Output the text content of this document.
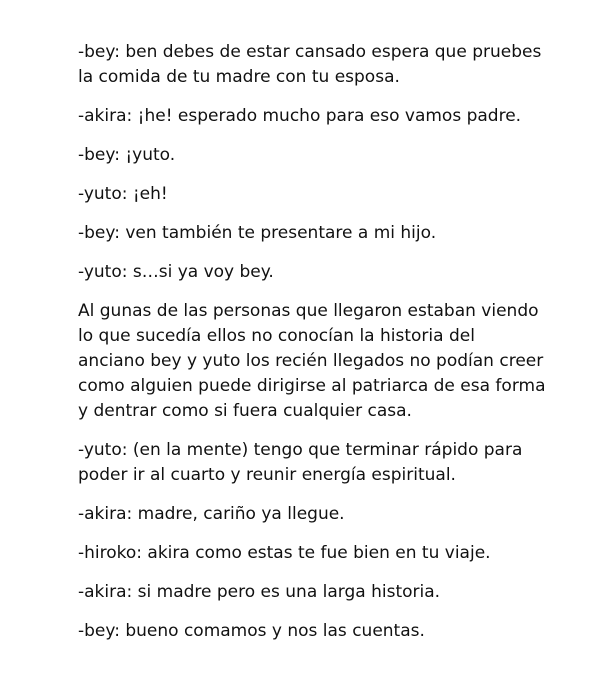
-bey: ben debes de estar cansado espera que pruebes
la comida de tu madre con tu esposa.

-akira: ¡he! esperado mucho para eso vamos padre.

-bey: ¡yuto.

-yuto: ¡eh!

-bey: ven también te presentare a mi hijo.

-yuto: s…si ya voy bey.

Al gunas de las personas que llegaron estaban viendo
lo que sucedía ellos no conocían la historia del
anciano bey y yuto los recién llegados no podían creer
como alguien puede dirigirse al patriarca de esa forma
y dentrar como si fuera cualquier casa.

-yuto: (en la mente) tengo que terminar rápido para
poder ir al cuarto y reunir energía espiritual.

-akira: madre, cariño ya llegue.

-hiroko: akira como estas te fue bien en tu viaje.

-akira: si madre pero es una larga historia.

-bey: bueno comamos y nos las cuentas.
